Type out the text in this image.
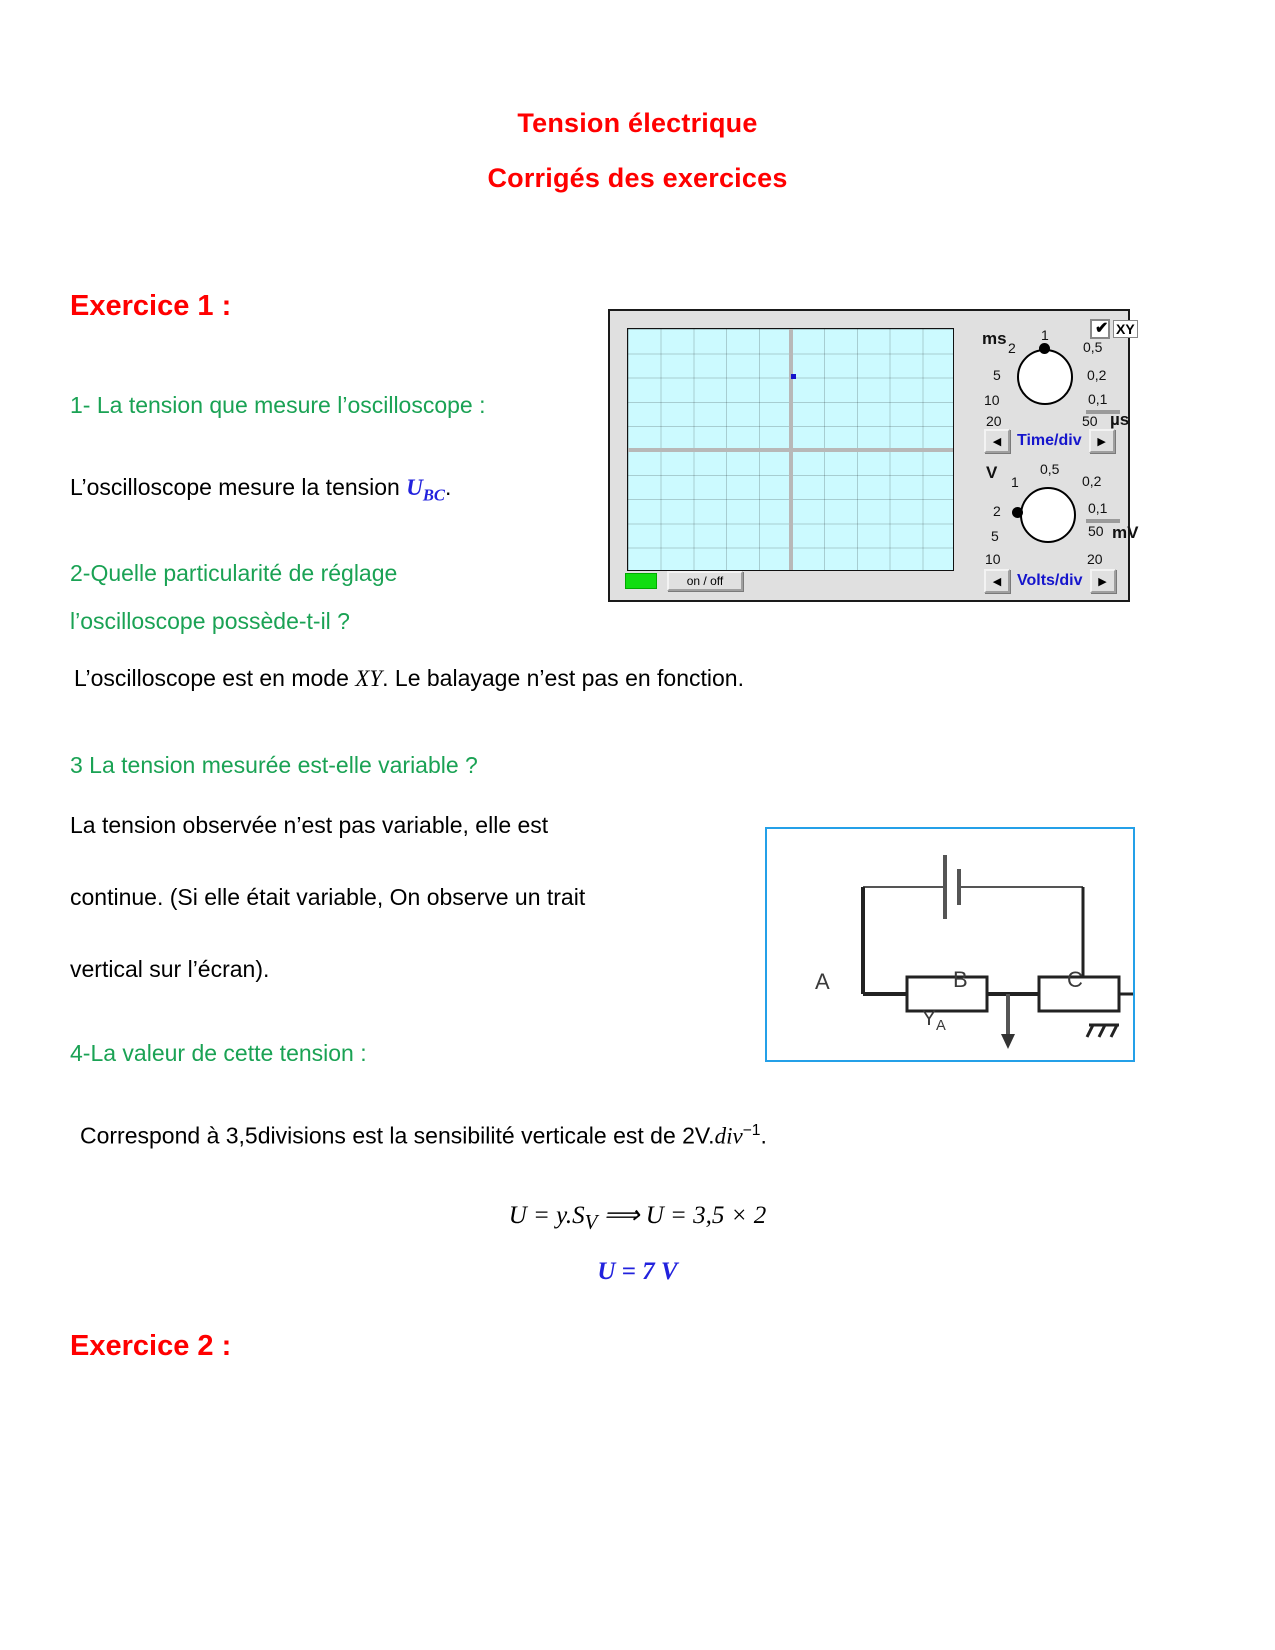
Tension électrique
Corrigés des exercices
Exercice 1 :
Exercice 2 :
1- La tension que mesure l’oscilloscope :
L’oscilloscope mesure la tension $U_{BC}$.
2-Quelle particularité de réglage
l’oscilloscope possède-t-il ?
L’oscilloscope est en mode XY. Le balayage n’est pas en fonction.
3 La tension mesurée est-elle variable ?
La tension observée n’est pas variable, elle est
continue. (Si elle était variable, On observe un trait
vertical sur l’écran).
4-La valeur de cette tension :
Correspond à 3,5divisions est la sensibilité verticale est de 2V.div$^{-1}$.
$U = y.S_V$ ⟹ U = 3,5 × 2
U = 7 V
✔ XY
ms 2
1
0,5
5	0,2
10	0,1
20	50 µs
◀ Time/div	▶
V 1
0,5
0,2
2	0,1
5	50 mV
10	20
◀ Volts/div	▶
on / off
A	B	C
$Y_A$
